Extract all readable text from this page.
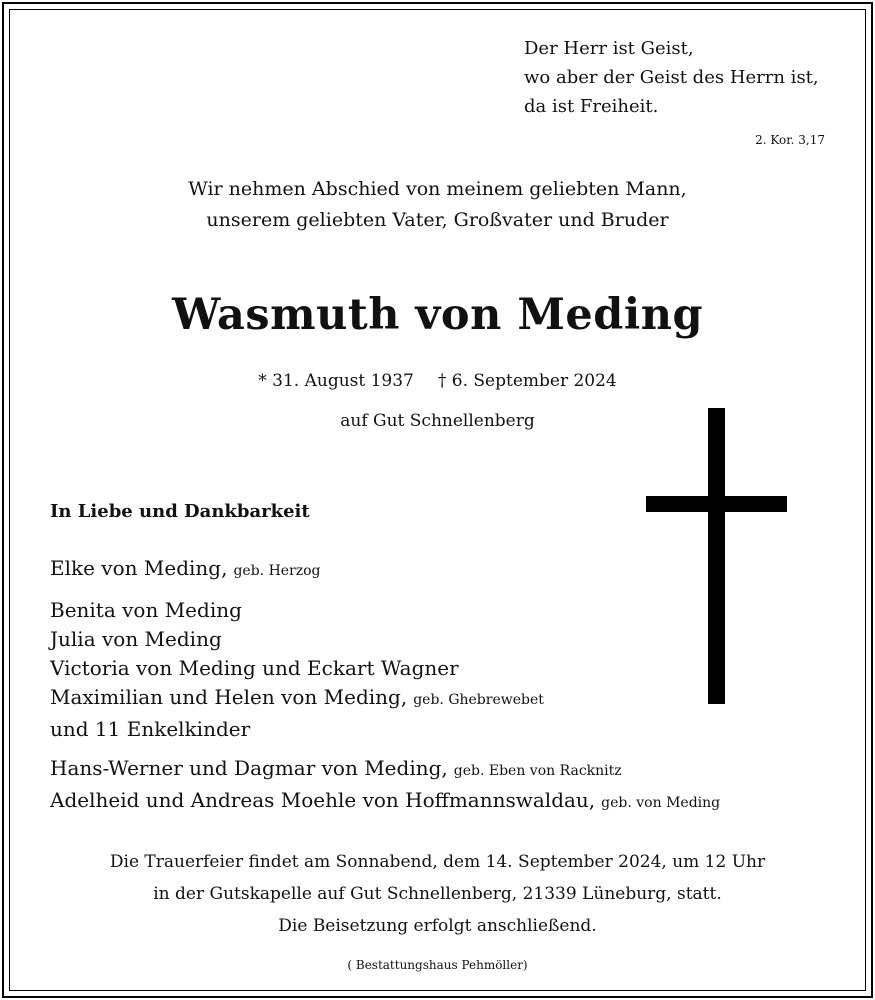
Der Herr ist Geist,
wo aber der Geist des Herrn ist,
da ist Freiheit.
2. Kor. 3,17
Wir nehmen Abschied von meinem geliebten Mann,
unserem geliebten Vater, Großvater und Bruder
Wasmuth von Meding
* 31. August 1937 † 6. September 2024
auf Gut Schnellenberg
In Liebe und Dankbarkeit
Elke von Meding, geb. Herzog
Benita von Meding
Julia von Meding
Victoria von Meding und Eckart Wagner
Maximilian und Helen von Meding, geb. Ghebrewebet
und 11 Enkelkinder
Hans-Werner und Dagmar von Meding, geb. Eben von Racknitz
Adelheid und Andreas Moehle von Hoffmannswaldau, geb. von Meding
Die Trauerfeier findet am Sonnabend, dem 14. September 2024, um 12 Uhr
in der Gutskapelle auf Gut Schnellenberg, 21339 Lüneburg, statt.
Die Beisetzung erfolgt anschließend.
( Bestattungshaus Pehmöller)
